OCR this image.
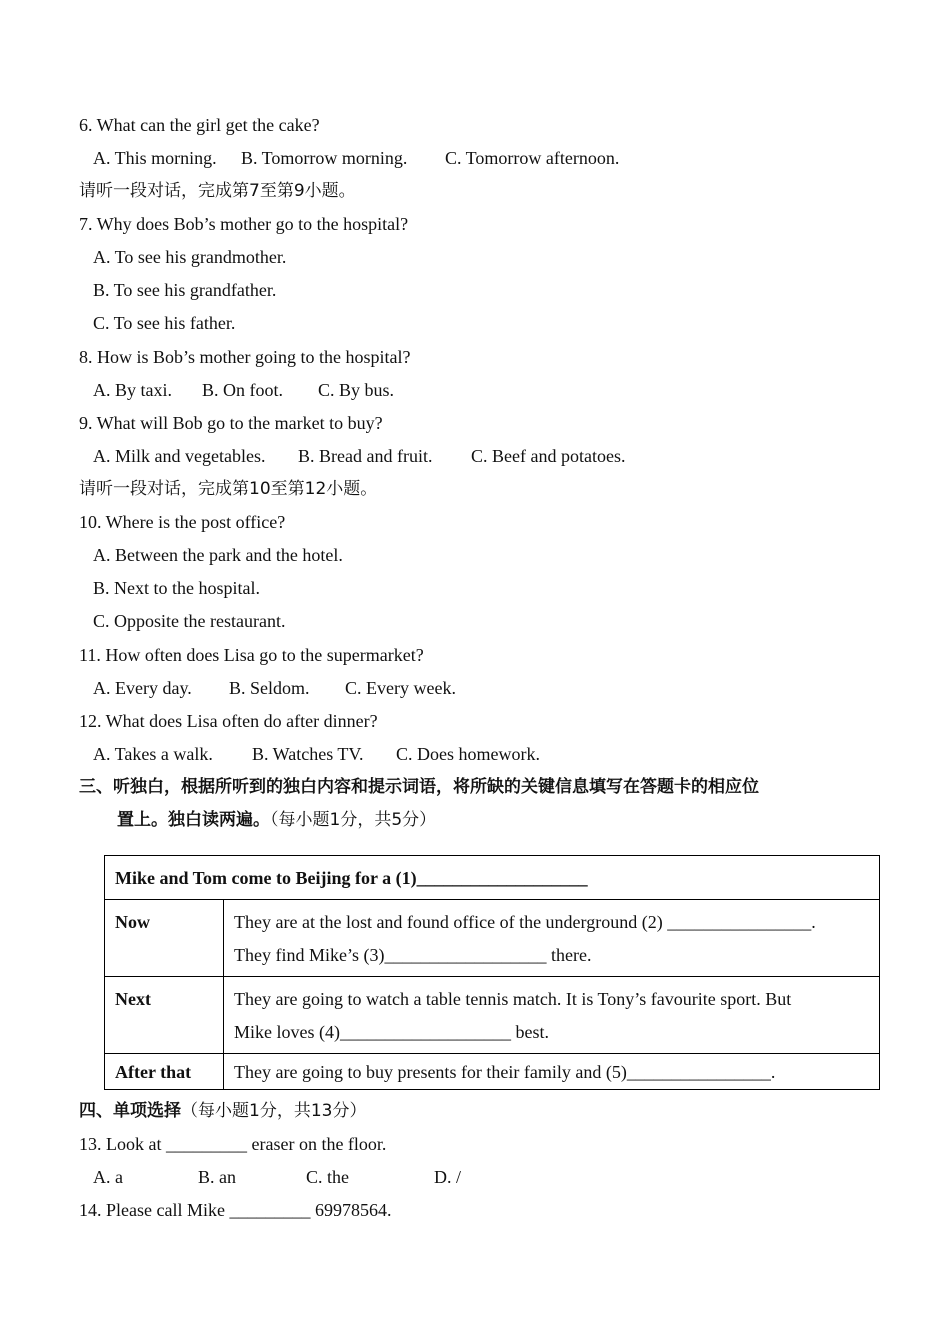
6. What can the girl get the cake?
A. This morning. B. Tomorrow morning. C. Tomorrow afternoon.
请听一段对话，完成第7至第9小题。
7. Why does Bob’s mother go to the hospital?
A. To see his grandmother.
B. To see his grandfather.
C. To see his father.
8. How is Bob’s mother going to the hospital?
A. By taxi. B. On foot. C. By bus.
9. What will Bob go to the market to buy?
A. Milk and vegetables. B. Bread and fruit. C. Beef and potatoes.
请听一段对话，完成第10至第12小题。
10. Where is the post office?
A. Between the park and the hotel.
B. Next to the hospital.
C. Opposite the restaurant.
11. How often does Lisa go to the supermarket?
A. Every day. B. Seldom. C. Every week.
12. What does Lisa often do after dinner?
A. Takes a walk. B. Watches TV. C. Does homework.
三、听独白，根据所听到的独白内容和提示词语，将所缺的关键信息填写在答题卡的相应位
置上。独白读两遍。（每小题1分，共5分）
Mike and Tom come to Beijing for a (1)___________________	
Now	They are at the lost and found office of the underground (2) ________________.
They find Mike’s (3)__________________ there.

Next	They are going to watch a table tennis match. It is Tony’s favourite sport. But
Mike loves (4)___________________ best.

After that	They are going to buy presents for their family and (5)________________.
四、单项选择（每小题1分，共13分）
13. Look at _________ eraser on the floor.
A. a	B. an	C. the	D. /
14. Please call Mike _________ 69978564.
